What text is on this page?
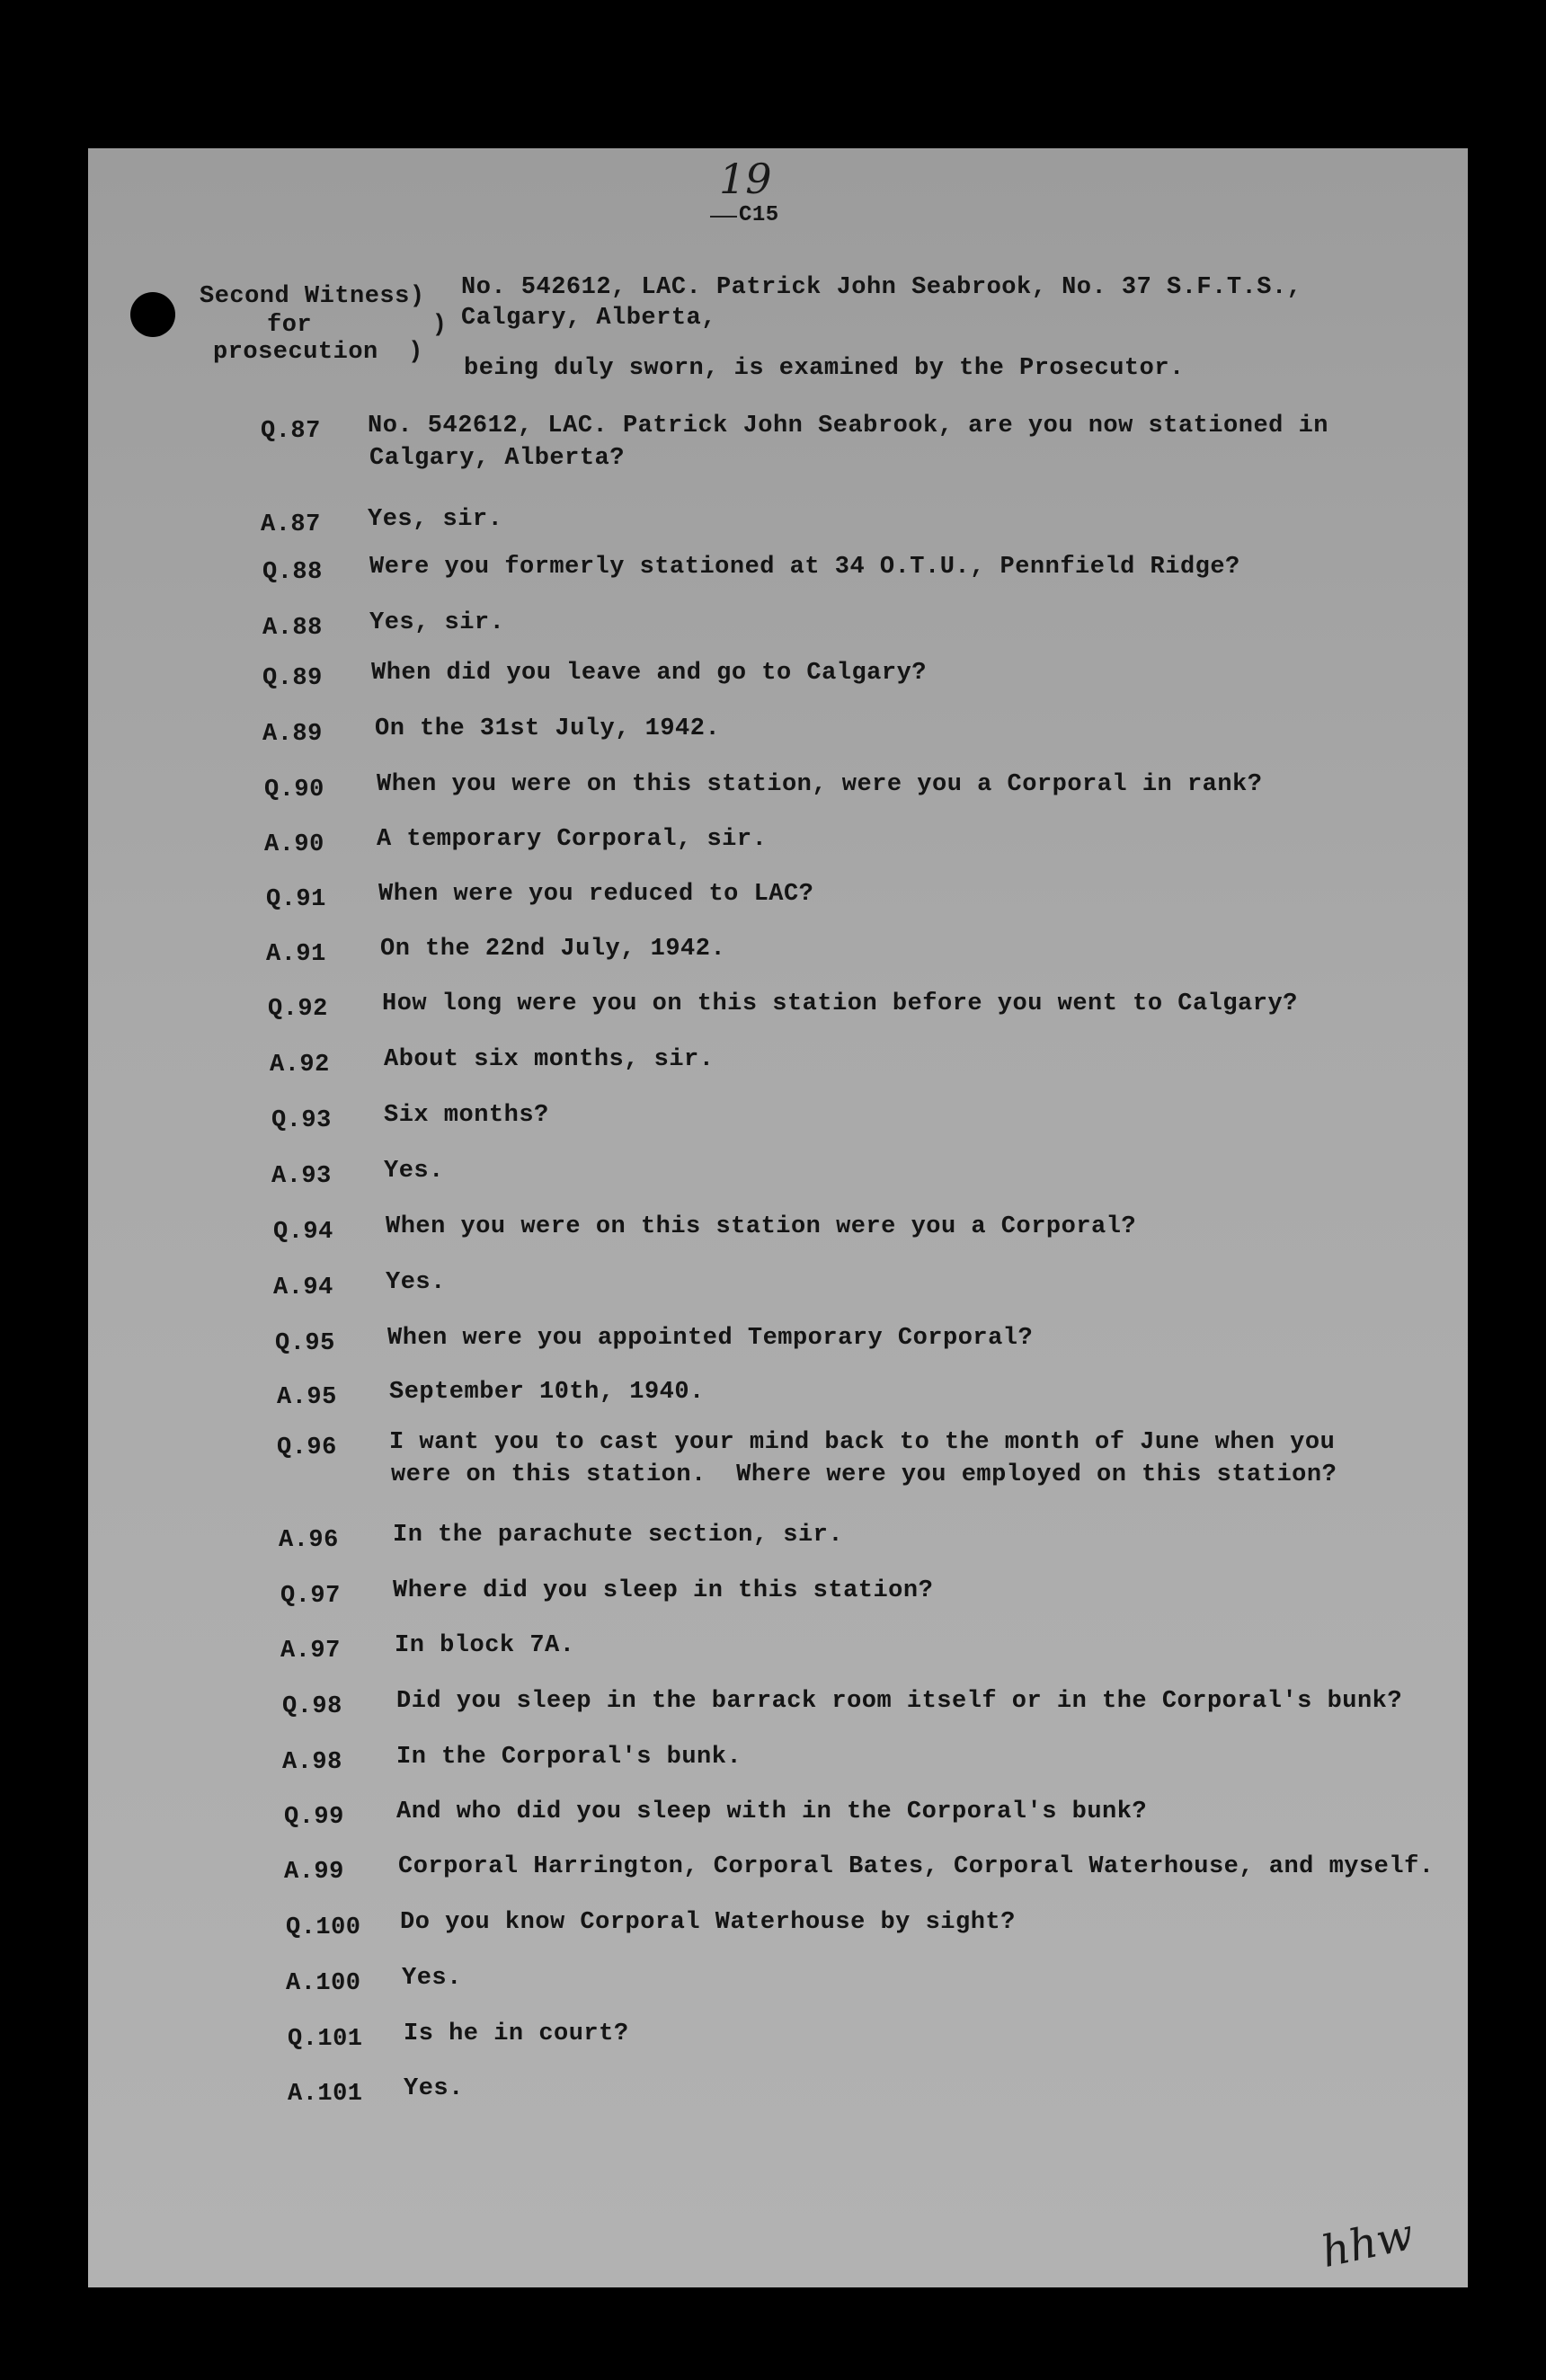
19
C15
Second Witness)
for        )
prosecution  )
No. 542612, LAC. Patrick John Seabrook, No. 37 S.F.T.S.,
Calgary, Alberta,
being duly sworn, is examined by the Prosecutor.
Q.87	No. 542612, LAC. Patrick John Seabrook, are you now stationed in
Calgary, Alberta?
A.87	Yes, sir.
Q.88	Were you formerly stationed at 34 O.T.U., Pennfield Ridge?
A.88	Yes, sir.
Q.89	When did you leave and go to Calgary?
A.89	On the 31st July, 1942.
Q.90	When you were on this station, were you a Corporal in rank?
A.90	A temporary Corporal, sir.
Q.91	When were you reduced to LAC?
A.91	On the 22nd July, 1942.
Q.92	How long were you on this station before you went to Calgary?
A.92	About six months, sir.
Q.93	Six months?
A.93	Yes.
Q.94	When you were on this station were you a Corporal?
A.94	Yes.
Q.95	When were you appointed Temporary Corporal?
A.95	September 10th, 1940.
Q.96	I want you to cast your mind back to the month of June when you
were on this station.  Where were you employed on this station?
A.96	In the parachute section, sir.
Q.97	Where did you sleep in this station?
A.97	In block 7A.
Q.98	Did you sleep in the barrack room itself or in the Corporal's bunk?
A.98	In the Corporal's bunk.
Q.99	And who did you sleep with in the Corporal's bunk?
A.99	Corporal Harrington, Corporal Bates, Corporal Waterhouse, and myself.
Q.100	Do you know Corporal Waterhouse by sight?
A.100	Yes.
Q.101	Is he in court?
A.101	Yes.
hhw
